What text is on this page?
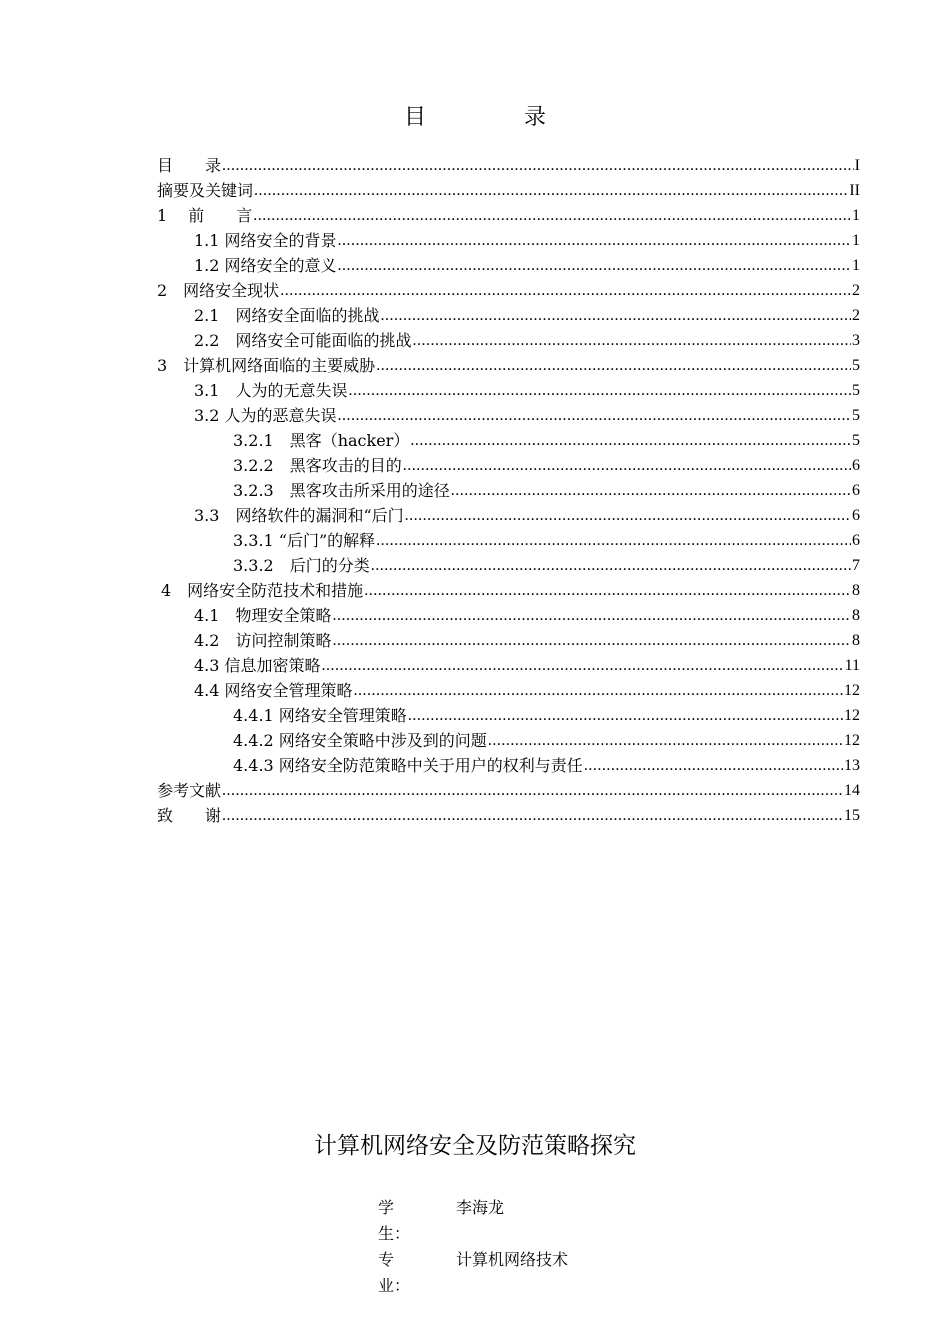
目　录
目　　录 .....	I
摘要及关键词 .....	II
1　 前　　言 .....	1
1.1 网络安全的背景 .....	1
1.2 网络安全的意义 .....	1
2　网络安全现状 .....	2
2.1　网络安全面临的挑战 .....	2
2.2　网络安全可能面临的挑战 .....	3
3　计算机网络面临的主要威胁 .....	5
3.1　人为的无意失误 .....	5
3.2 人为的恶意失误 .....	5
3.2.1　黑客（hacker） .....	5
3.2.2　黑客攻击的目的 .....	6
3.2.3　黑客攻击所采用的途径 .....	6
3.3　网络软件的漏洞和“后门 .....	6
3.3.1 “后门”的解释 .....	6
3.3.2　后门的分类 .....	7
4　网络安全防范技术和措施 .....	8
4.1　物理安全策略 .....	8
4.2　访问控制策略 .....	8
4.3 信息加密策略 .....	11
4.4 网络安全管理策略 .....	12
4.4.1 网络安全管理策略 .....	12
4.4.2 网络安全策略中涉及到的问题 .....	12
4.4.3 网络安全防范策略中关于用户的权利与责任 .....	13
参考文献 .....	14
致　　谢 .....	15
计算机网络安全及防范策略探究
学　　生：
李海龙
专　　业：
计算机网络技术
